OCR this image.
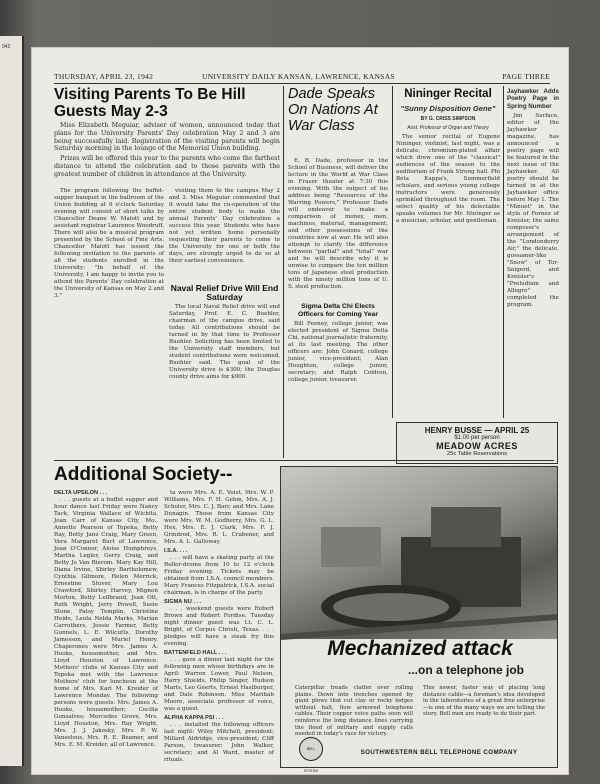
942
THURSDAY, APRIL 23, 1942	UNIVERSITY DAILY KANSAN, LAWRENCE, KANSAS	PAGE THREE
Visiting Parents To Be Hill Guests May 2-3

Miss Elizabeth Meguiar, adviser of women, announced today that plans for the University Parents' Day celebration May 2 and 3 are being successfully laid. Registration of the visiting parents will begin Saturday morning in the lounge of the Memorial Union building.

Prizes will be offered this year to the parents who come the farthest distance to attend the celebration and to those parents with the greatest number of children in attendance at the University.

The program following the buffet-supper banquet in the ballroom of the Union building at 6 o'clock Saturday evening will consist of short talks by Chancellor Deane W. Malott and by assistant registrar Laurence Woodruff. There will also be a musical program presented by the School of Fine Arts. Chancellor Malott has issued the following invitation to the parents of all the students enrolled in the University: "In behalf of the University, I am happy to invite you to attend the Parents' Day celebration at the University of Kansas on May 2 and 3."

visiting them to the campus May 2 and 3. Miss Meguiar commented that it would take the co-operation of the entire student body to make the annual Parents' Day celebration a success this year. Students who have not yet written home personally requesting their parents to come to the University for one or both the days, are strongly urged to do so at their earliest convenience.

Naval Relief Drive Will End Saturday

The local Naval Relief drive will end Saturday, Prof. E. C. Buehler, chairman of the campus drive, said today. All contributions should be turned in by that time to Professor Buehler. Soliciting has been limited to the University staff members, but student contributions were welcomed, Buehler said. The goal of the University drive is $300; the Douglas county drive aims for $900.

Dade Speaks On Nations At War Class

E. B. Dade, professor in the School of Business, will deliver the lecture in the World at War Class in Fraser theater at 7:30 this evening. With the subject of his address being "Resources of the Warring Powers," Professor Dade will endeavor to make a comparison of money, men, machines, material, management, and other possessions of the countries now at war. He will also attempt to clarify the difference between "partial" and "total" war and he will describe why it is unwise to compare the ten million tons of Japanese steel production with the ninety million tons of U. S. steel production.

Sigma Delta Chi Elects Officers for Coming Year

Bill Feeney, college junior, was elected president of Sigma Delta Chi, national journalistic fraternity, at its last meeting. The other officers are: John Conard, college junior, vice-president; Alan Houghton, college junior, secretary; and Ralph Coldren, college junior, treasurer.

Nininger Recital
"Sunny Disposition Gene"
BY G. CRISS SIMPSON
Asst. Professor of Organ and Theory

The senior recital of Eugene Nininger, violinist, last night, was a delicate, chromium-plated affair which drew one of the "classical" audiences of the season to the auditorium of Frank Strong hall. Phi Beta Kappa's, Summerfield scholars, and serious young college instructors were generously sprinkled throughout the room. The select quality of his delectable speaks volumes for Mr. Nininger as a musician, scholar, and gentleman.

Jayhawker Adds Poetry Page in Spring Number

Jim Surface, editor of the Jayhawker magazine, has announced a poetry page will be featured in the next issue of the Jayhawker. All poetry should be turned in at the Jayhawker office before May 1. The "Minuet" in the style of Fornez of Kreisler, the same composer's arrangement of the "Londonderry Air," the delicate, gossamer-like "Snow" of Tor-Snigerd, and Kreisler's "Preludium and Allegro" completed the program.

HENRY BUSSE — APRIL 25
$1.00 per person
MEADOW ACRES
25c Table Reservations
Additional Society--
DELTA UPSILON . . .

. . . guests at a buffet supper and hour dance last Friday were Nancy Tack, Virginia Wallace of Wichita, Joan Carr of Kansas City, Mo., Annette Pearson of Topeka, Betty Ray, Betty Jane Craig, Mary Green, Vera Margaret Burt of Lawrence, Joan O'Connor, Aloise Humphreys, Martha Legler, Gerry Craig, and Betty Jo Van Bierom. Mary Kay Hill, Diana Irvine, Shirley Bartholomew, Cynthia Gilmore, Helen Merrick, Ernestine Stuver, Mary Lou Crawford, Shirley Harvey, Mignon Morton, Betty Lellbrand, Jean Ott, Ruth Wright, Jerry Powell, Susie Stone, Patsy Templin, Christine Heide, Leola Nelda Marks, Marian Carruthers, Jessie Farmer, Betty Gunnels, L. E. Wilcutts, Dorothy Jamesson, and Muriel Henry. Chaperones were Mrs. James A. Hooke, housemother, and Mrs. Lloyd Houston of Lawrence. Mothers' clubs of Kansas City and Topeka met with the Lawrence Mothers' club for luncheon at the home of Mrs. Karl M. Kreider of Lawrence Monday. The following persons were guests: Mrs. James A. Hooke, housemother; Cecilia Gonzalves; Mercedes Grove, Mrs. Lloyd Houston, Mrs. Ray Wright, Mrs. J. J. Jakosky, Mrs. P. W. Vanselous, Mrs. R. E. Beamer, and Mrs. E. M. Kreider, all of Lawrence.

ta were Mrs. A. E. Voist, Mrs. W. P. Williams, Mrs. F. H. Gehm, Mrs. A. J. Scholer, Mrs. C. J. Barr, and Mrs. Lane Dunagin. Those from Kansas City were Mrs. W. M. Godberry, Mrs. G. L. Hex, Mrs. E. J. Clark, Mrs. F. J. Grindrod, Mrs. R. L. Crabener, and Mrs. A. L. Galloway.

I.S.A. . . .

. . . will have a skating party at the Roller-drome from 10 to 12 o'clock Friday evening. Tickets may be obtained from I.S.A. council members. Mary Frances Fitzpatrick, I.S.A. social chairman, is in charge of the party.

SIGMA NU . . .

. . . weekend guests were Robert Brown and Robert Fordise. Tuesday night dinner guest was Lt. C. L. Bright, of Corpus Christi, Texas. . . . pledges will have a steak fry this evening.

BATTENFELD HALL . . .

. . . gave a dinner last night for the following men whose birthdays are in April: Warren Lower, Paul Nelson, Harry Shields, Philip Singer, Hudson Marts, Leo Geerts, Ernest Haslburger, and Dale Robinson. Miss Maribah Moore, associate professor of voice, was a guest.

ALPHA KAPPA PSI . . .

. . . installed the following officers last night: Wiley Mitchell, president; Millard Aldridge, vice-president; Cliff Parson, treasurer; John Walker, secretary; and Al Ward, master of rituals.

Mechanized attack
...on a telephone job
Caterpillar treads clatter over rolling plains. Down into trenches opened by giant plows that cut clay or rocky ledges without halt, flow armored telephone cables. Their copper voice paths soon will reinforce the long distance lines carrying the flood of military and supply calls needed in today's race for victory.
This newer, faster way of placing long distance cable—a foreman's idea developed in the laboratories of a great free enterprise—is one of the many ways we are telling the story. Bell men are ready to do their part.
BELL SYSTEM
SOUTHWESTERN BELL TELEPHONE COMPANY
